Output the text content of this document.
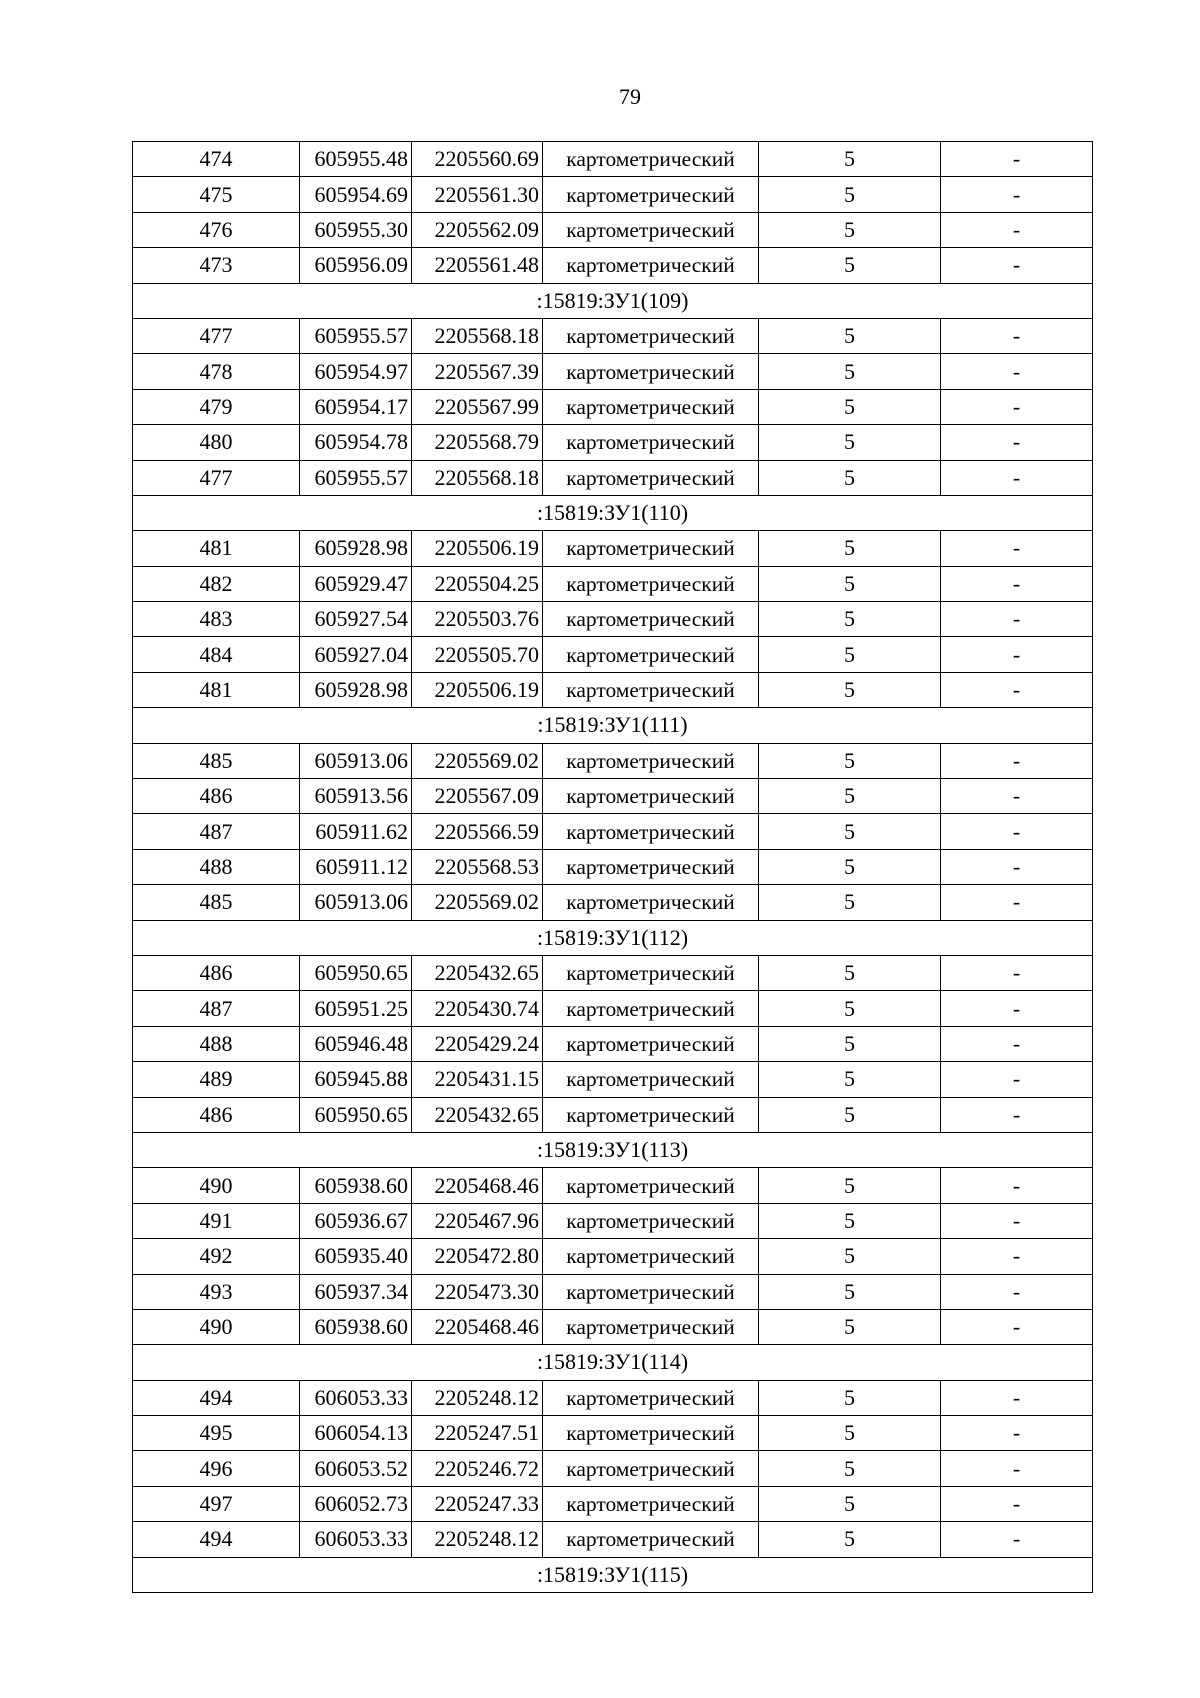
79
474	605955.48	2205560.69	картометрический	5	-
475	605954.69	2205561.30	картометрический	5	-
476	605955.30	2205562.09	картометрический	5	-
473	605956.09	2205561.48	картометрический	5	-
:15819:ЗУ1(109)					
477	605955.57	2205568.18	картометрический	5	-
478	605954.97	2205567.39	картометрический	5	-
479	605954.17	2205567.99	картометрический	5	-
480	605954.78	2205568.79	картометрический	5	-
477	605955.57	2205568.18	картометрический	5	-
:15819:ЗУ1(110)					
481	605928.98	2205506.19	картометрический	5	-
482	605929.47	2205504.25	картометрический	5	-
483	605927.54	2205503.76	картометрический	5	-
484	605927.04	2205505.70	картометрический	5	-
481	605928.98	2205506.19	картометрический	5	-
:15819:ЗУ1(111)					
485	605913.06	2205569.02	картометрический	5	-
486	605913.56	2205567.09	картометрический	5	-
487	605911.62	2205566.59	картометрический	5	-
488	605911.12	2205568.53	картометрический	5	-
485	605913.06	2205569.02	картометрический	5	-
:15819:ЗУ1(112)					
486	605950.65	2205432.65	картометрический	5	-
487	605951.25	2205430.74	картометрический	5	-
488	605946.48	2205429.24	картометрический	5	-
489	605945.88	2205431.15	картометрический	5	-
486	605950.65	2205432.65	картометрический	5	-
:15819:ЗУ1(113)					
490	605938.60	2205468.46	картометрический	5	-
491	605936.67	2205467.96	картометрический	5	-
492	605935.40	2205472.80	картометрический	5	-
493	605937.34	2205473.30	картометрический	5	-
490	605938.60	2205468.46	картометрический	5	-
:15819:ЗУ1(114)					
494	606053.33	2205248.12	картометрический	5	-
495	606054.13	2205247.51	картометрический	5	-
496	606053.52	2205246.72	картометрический	5	-
497	606052.73	2205247.33	картометрический	5	-
494	606053.33	2205248.12	картометрический	5	-
:15819:ЗУ1(115)					
